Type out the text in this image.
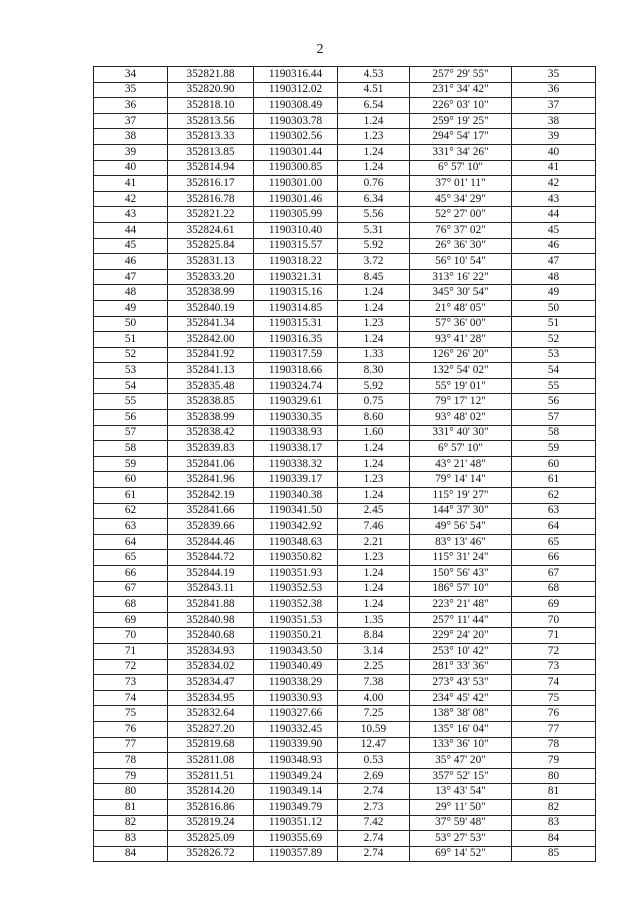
2
34	352821.88	1190316.44	4.53	257° 29' 55"	35
35	352820.90	1190312.02	4.51	231° 34' 42"	36
36	352818.10	1190308.49	6.54	226° 03' 10"	37
37	352813.56	1190303.78	1.24	259° 19' 25"	38
38	352813.33	1190302.56	1.23	294° 54' 17"	39
39	352813.85	1190301.44	1.24	331° 34' 26"	40
40	352814.94	1190300.85	1.24	6° 57' 10"	41
41	352816.17	1190301.00	0.76	37° 01' 11"	42
42	352816.78	1190301.46	6.34	45° 34' 29"	43
43	352821.22	1190305.99	5.56	52° 27' 00"	44
44	352824.61	1190310.40	5.31	76° 37' 02"	45
45	352825.84	1190315.57	5.92	26° 36' 30"	46
46	352831.13	1190318.22	3.72	56° 10' 54"	47
47	352833.20	1190321.31	8.45	313° 16' 22"	48
48	352838.99	1190315.16	1.24	345° 30' 54"	49
49	352840.19	1190314.85	1.24	21° 48' 05"	50
50	352841.34	1190315.31	1.23	57° 36' 00"	51
51	352842.00	1190316.35	1.24	93° 41' 28"	52
52	352841.92	1190317.59	1.33	126° 26' 20"	53
53	352841.13	1190318.66	8.30	132° 54' 02"	54
54	352835.48	1190324.74	5.92	55° 19' 01"	55
55	352838.85	1190329.61	0.75	79° 17' 12"	56
56	352838.99	1190330.35	8.60	93° 48' 02"	57
57	352838.42	1190338.93	1.60	331° 40' 30"	58
58	352839.83	1190338.17	1.24	6° 57' 10"	59
59	352841.06	1190338.32	1.24	43° 21' 48"	60
60	352841.96	1190339.17	1.23	79° 14' 14"	61
61	352842.19	1190340.38	1.24	115° 19' 27"	62
62	352841.66	1190341.50	2.45	144° 37' 30"	63
63	352839.66	1190342.92	7.46	49° 56' 54"	64
64	352844.46	1190348.63	2.21	83° 13' 46"	65
65	352844.72	1190350.82	1.23	115° 31' 24"	66
66	352844.19	1190351.93	1.24	150° 56' 43"	67
67	352843.11	1190352.53	1.24	186° 57' 10"	68
68	352841.88	1190352.38	1.24	223° 21' 48"	69
69	352840.98	1190351.53	1.35	257° 11' 44"	70
70	352840.68	1190350.21	8.84	229° 24' 20"	71
71	352834.93	1190343.50	3.14	253° 10' 42"	72
72	352834.02	1190340.49	2.25	281° 33' 36"	73
73	352834.47	1190338.29	7.38	273° 43' 53"	74
74	352834.95	1190330.93	4.00	234° 45' 42"	75
75	352832.64	1190327.66	7.25	138° 38' 08"	76
76	352827.20	1190332.45	10.59	135° 16' 04"	77
77	352819.68	1190339.90	12.47	133° 36' 10"	78
78	352811.08	1190348.93	0.53	35° 47' 20"	79
79	352811.51	1190349.24	2.69	357° 52' 15"	80
80	352814.20	1190349.14	2.74	13° 43' 54"	81
81	352816.86	1190349.79	2.73	29° 11' 50"	82
82	352819.24	1190351.12	7.42	37° 59' 48"	83
83	352825.09	1190355.69	2.74	53° 27' 53"	84
84	352826.72	1190357.89	2.74	69° 14' 52"	85
